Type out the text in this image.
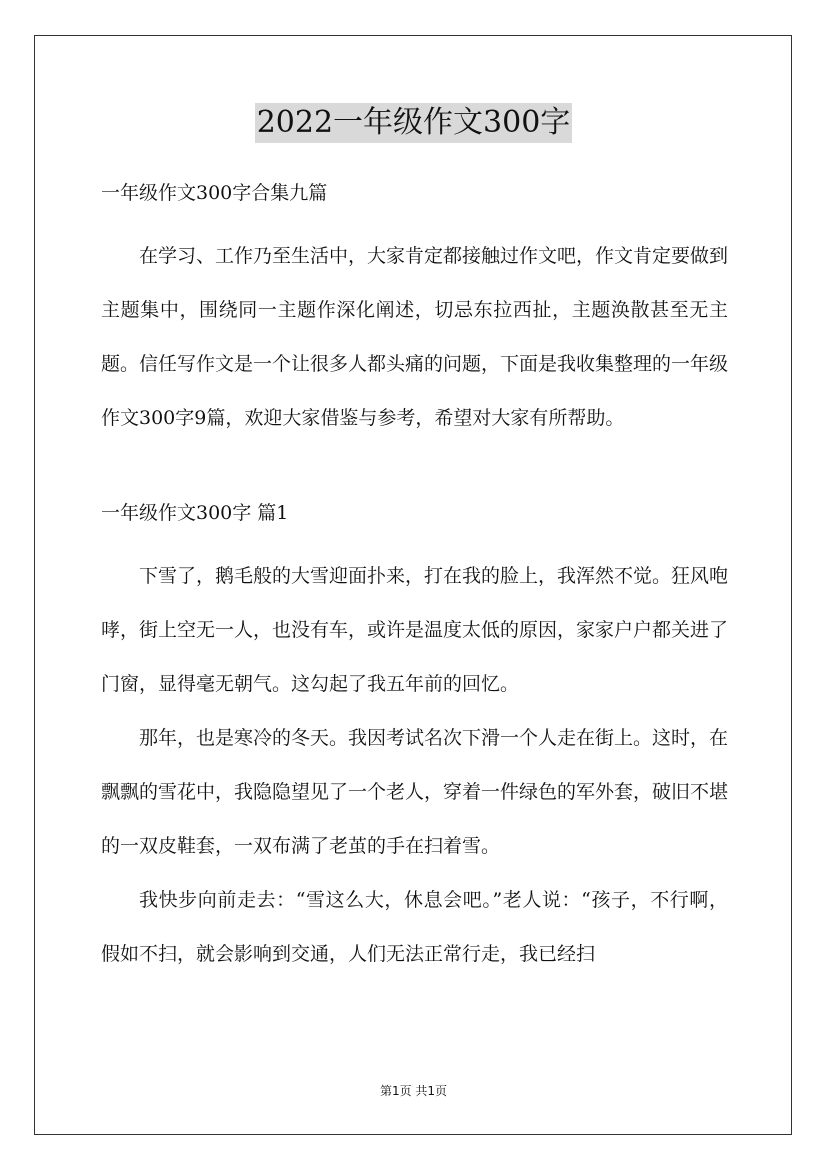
2022一年级作文300字

一年级作文300字合集九篇

在学习、工作乃至生活中，大家肯定都接触过作文吧，作文肯定要做到主题集中，围绕同一主题作深化阐述，切忌东拉西扯，主题涣散甚至无主题。信任写作文是一个让很多人都头痛的问题，下面是我收集整理的一年级作文300字9篇，欢迎大家借鉴与参考，希望对大家有所帮助。

一年级作文300字 篇1

下雪了，鹅毛般的大雪迎面扑来，打在我的脸上，我浑然不觉。狂风咆哮，街上空无一人，也没有车，或许是温度太低的原因，家家户户都关进了门窗，显得毫无朝气。这勾起了我五年前的回忆。

那年，也是寒冷的冬天。我因考试名次下滑一个人走在街上。这时，在飘飘的雪花中，我隐隐望见了一个老人，穿着一件绿色的军外套，破旧不堪的一双皮鞋套，一双布满了老茧的手在扫着雪。

我快步向前走去：“雪这么大，休息会吧。”老人说：“孩子，不行啊，假如不扫，就会影响到交通，人们无法正常行走，我已经扫

第1页 共1页
